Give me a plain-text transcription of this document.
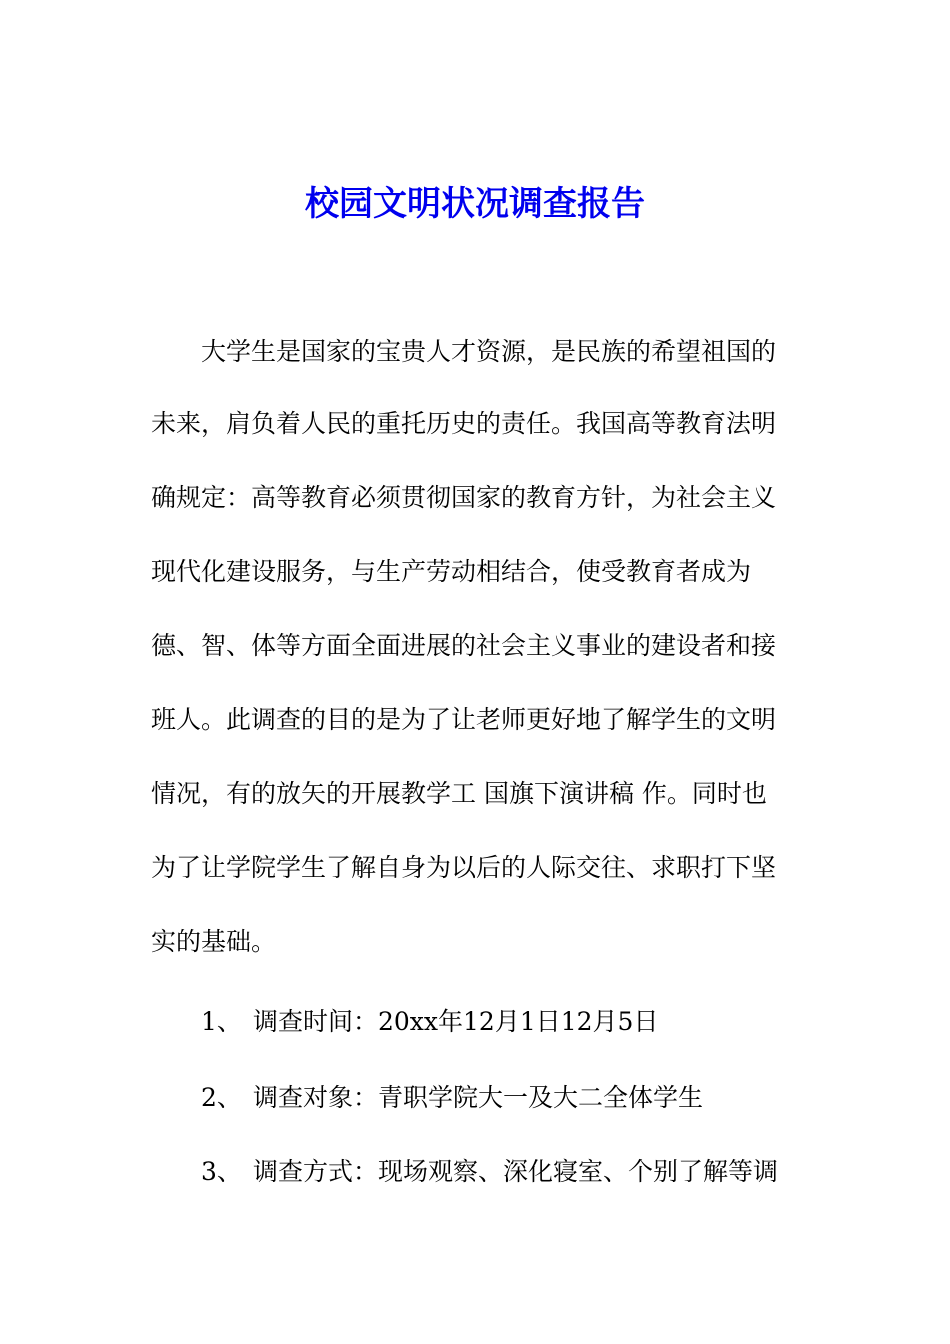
校园文明状况调查报告

大学生是国家的宝贵人才资源，是民族的希望祖国的

未来，肩负着人民的重托历史的责任。我国高等教育法明

确规定：高等教育必须贯彻国家的教育方针，为社会主义

现代化建设服务，与生产劳动相结合，使受教育者成为

德、智、体等方面全面进展的社会主义事业的建设者和接

班人。此调查的目的是为了让老师更好地了解学生的文明

情况，有的放矢的开展教学工 国旗下演讲稿 作。同时也

为了让学院学生了解自身为以后的人际交往、求职打下坚

实的基础。

1、 调查时间：20xx年12月1日12月5日

2、 调查对象：青职学院大一及大二全体学生

3、 调查方式：现场观察、深化寝室、个别了解等调
